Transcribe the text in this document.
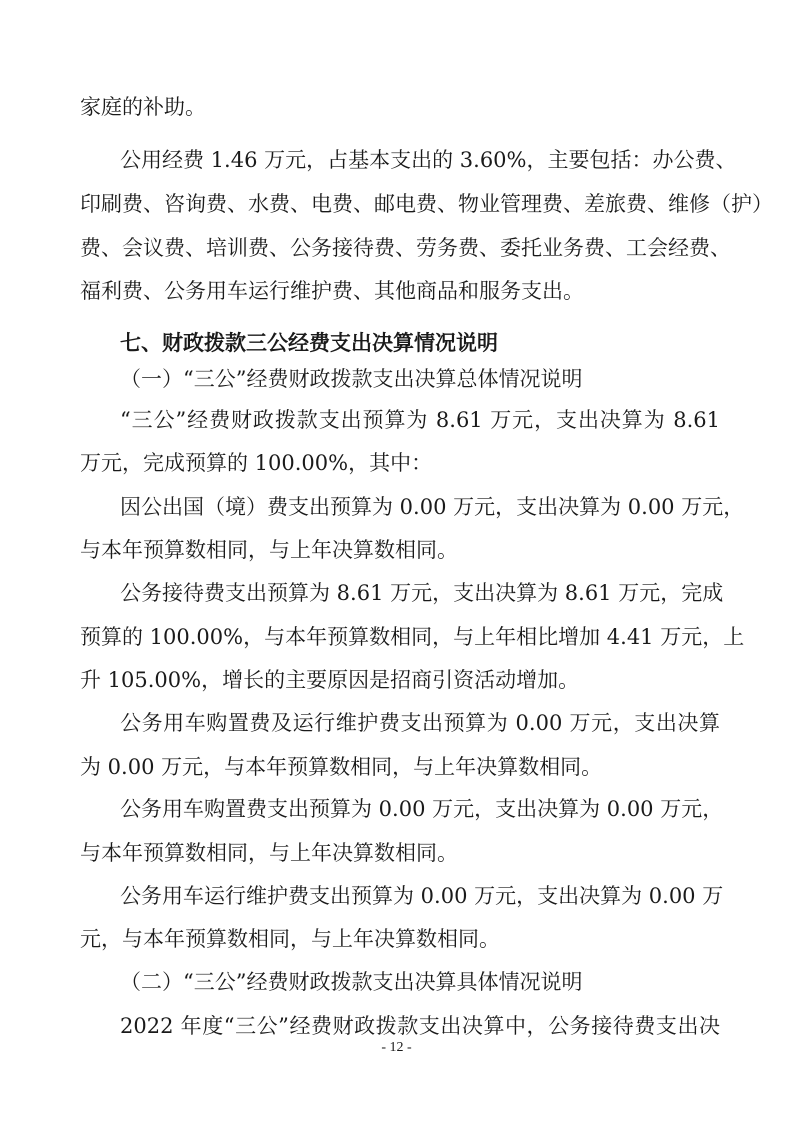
家庭的补助。
公用经费 1.46 万元，占基本支出的 3.60%，主要包括：办公费、
印刷费、咨询费、水费、电费、邮电费、物业管理费、差旅费、维修（护）
费、会议费、培训费、公务接待费、劳务费、委托业务费、工会经费、
福利费、公务用车运行维护费、其他商品和服务支出。
七、财政拨款三公经费支出决算情况说明
（一）“三公”经费财政拨款支出决算总体情况说明
“三公”经费财政拨款支出预算为 8.61 万元，支出决算为 8.61
万元，完成预算的 100.00%，其中：
因公出国（境）费支出预算为 0.00 万元，支出决算为 0.00 万元，
与本年预算数相同，与上年决算数相同。
公务接待费支出预算为 8.61 万元，支出决算为 8.61 万元，完成
预算的 100.00%，与本年预算数相同，与上年相比增加 4.41 万元，上
升 105.00%，增长的主要原因是招商引资活动增加。
公务用车购置费及运行维护费支出预算为 0.00 万元，支出决算
为 0.00 万元，与本年预算数相同，与上年决算数相同。
公务用车购置费支出预算为 0.00 万元，支出决算为 0.00 万元，
与本年预算数相同，与上年决算数相同。
公务用车运行维护费支出预算为 0.00 万元，支出决算为 0.00 万
元，与本年预算数相同，与上年决算数相同。
（二）“三公”经费财政拨款支出决算具体情况说明
2022 年度“三公”经费财政拨款支出决算中，公务接待费支出决
- 12 -
